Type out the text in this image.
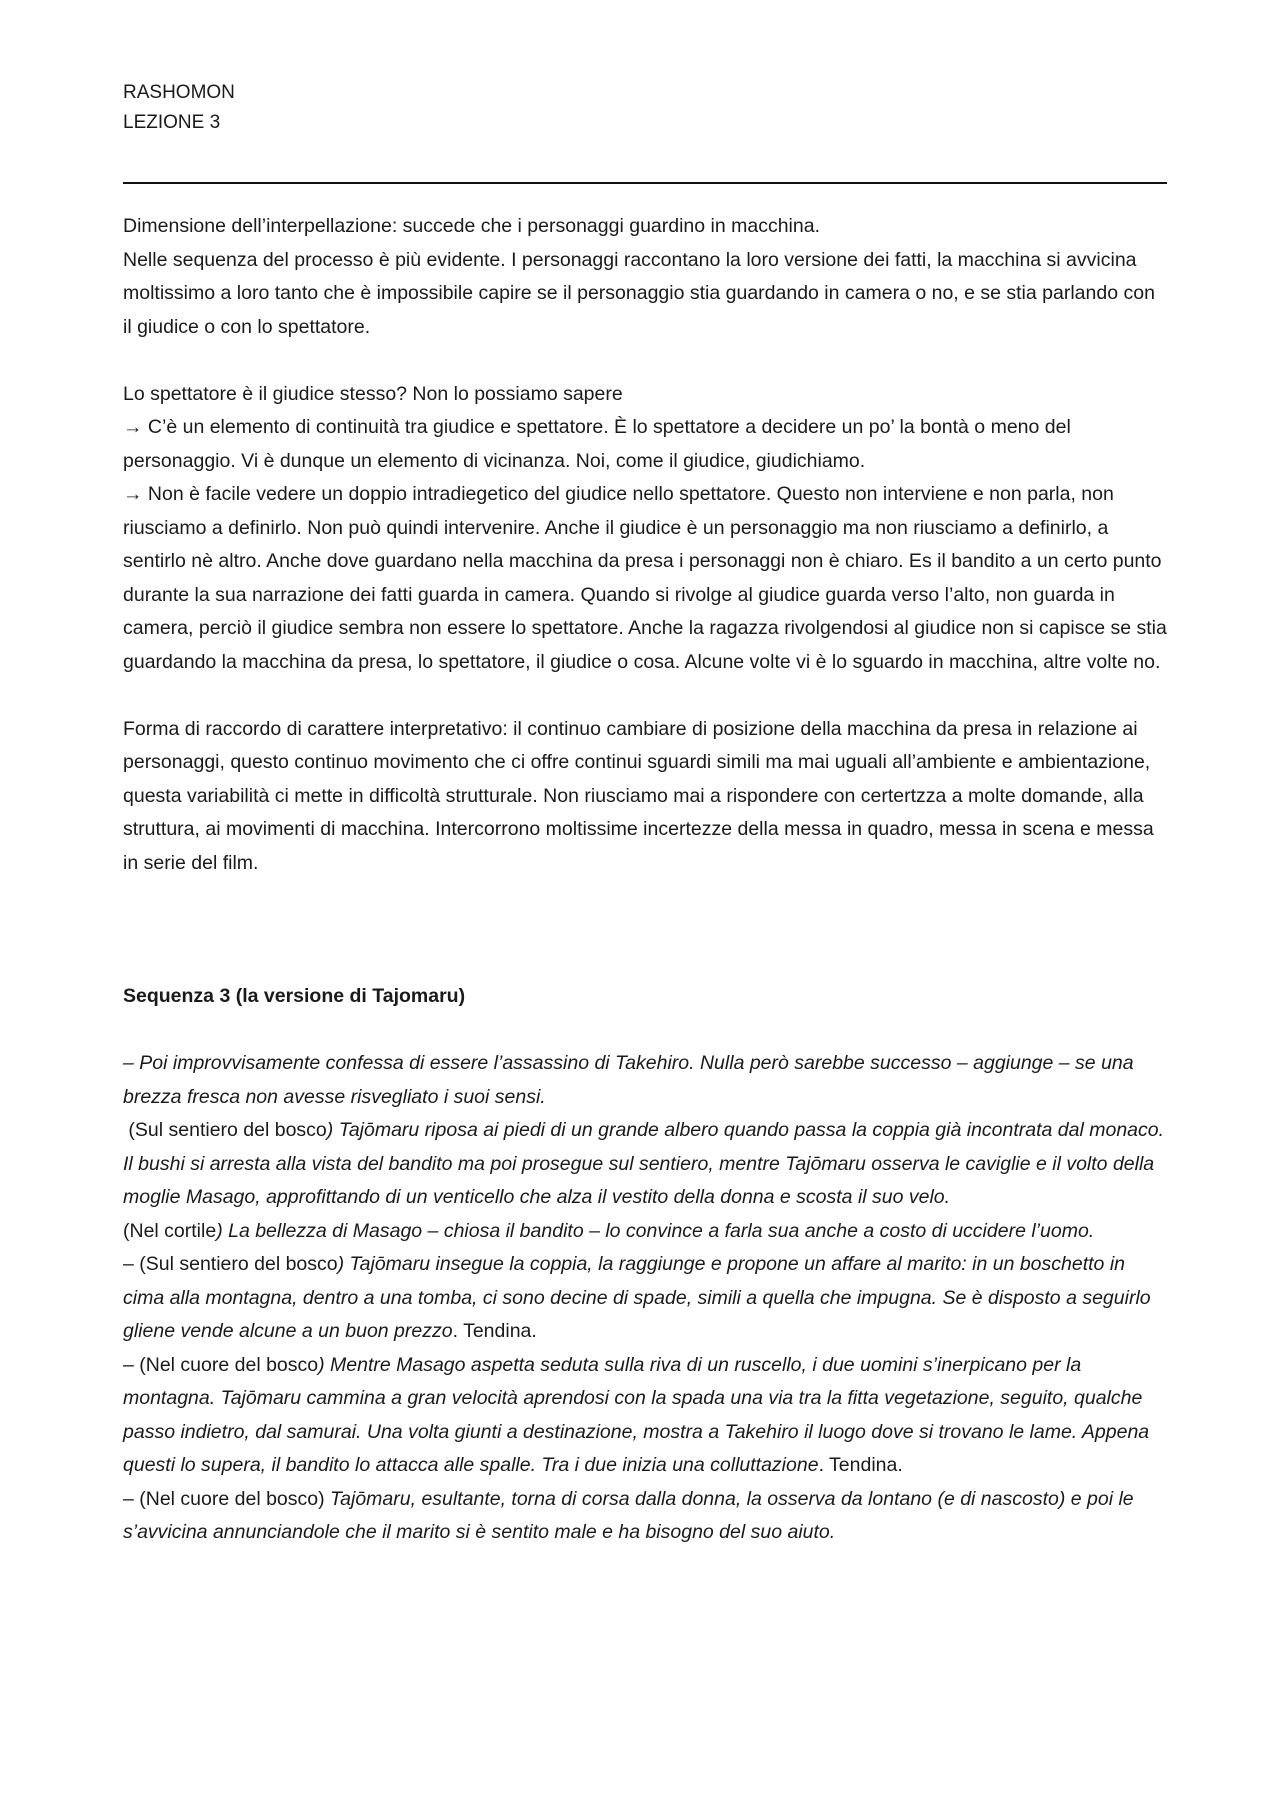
RASHOMON
LEZIONE 3

Dimensione dell’interpellazione: succede che i personaggi guardino in macchina.

Nelle sequenza del processo è più evidente. I personaggi raccontano la loro versione dei fatti, la macchina si avvicina moltissimo a loro tanto che è impossibile capire se il personaggio stia guardando in camera o no, e se stia parlando con il giudice o con lo spettatore.

Lo spettatore è il giudice stesso? Non lo possiamo sapere

→ C’è un elemento di continuità tra giudice e spettatore. È lo spettatore a decidere un po’ la bontà o meno del personaggio. Vi è dunque un elemento di vicinanza. Noi, come il giudice, giudichiamo.

→ Non è facile vedere un doppio intradiegetico del giudice nello spettatore. Questo non interviene e non parla, non riusciamo a definirlo. Non può quindi intervenire. Anche il giudice è un personaggio ma non riusciamo a definirlo, a sentirlo nè altro. Anche dove guardano nella macchina da presa i personaggi non è chiaro. Es il bandito a un certo punto durante la sua narrazione dei fatti guarda in camera. Quando si rivolge al giudice guarda verso l’alto, non guarda in camera, perciò il giudice sembra non essere lo spettatore. Anche la ragazza rivolgendosi al giudice non si capisce se stia guardando la macchina da presa, lo spettatore, il giudice o cosa. Alcune volte vi è lo sguardo in macchina, altre volte no.

Forma di raccordo di carattere interpretativo: il continuo cambiare di posizione della macchina da presa in relazione ai personaggi, questo continuo movimento che ci offre continui sguardi simili ma mai uguali all’ambiente e ambientazione, questa variabilità ci mette in difficoltà strutturale. Non riusciamo mai a rispondere con certertzza a molte domande, alla struttura, ai movimenti di macchina. Intercorrono moltissime incertezze della messa in quadro, messa in scena e messa in serie del film.

Sequenza 3 (la versione di Tajomaru)

– Poi improvvisamente confessa di essere l’assassino di Takehiro. Nulla però sarebbe successo – aggiunge – se una brezza fresca non avesse risvegliato i suoi sensi.

(Sul sentiero del bosco) Tajōmaru riposa ai piedi di un grande albero quando passa la coppia già incontrata dal monaco. Il bushi si arresta alla vista del bandito ma poi prosegue sul sentiero, mentre Tajōmaru osserva le caviglie e il volto della moglie Masago, approfittando di un venticello che alza il vestito della donna e scosta il suo velo.

(Nel cortile) La bellezza di Masago – chiosa il bandito – lo convince a farla sua anche a costo di uccidere l’uomo.

– (Sul sentiero del bosco) Tajōmaru insegue la coppia, la raggiunge e propone un affare al marito: in un boschetto in cima alla montagna, dentro a una tomba, ci sono decine di spade, simili a quella che impugna. Se è disposto a seguirlo gliene vende alcune a un buon prezzo. Tendina.

– (Nel cuore del bosco) Mentre Masago aspetta seduta sulla riva di un ruscello, i due uomini s’inerpicano per la montagna. Tajōmaru cammina a gran velocità aprendosi con la spada una via tra la fitta vegetazione, seguito, qualche passo indietro, dal samurai. Una volta giunti a destinazione, mostra a Takehiro il luogo dove si trovano le lame. Appena questi lo supera, il bandito lo attacca alle spalle. Tra i due inizia una colluttazione. Tendina.

– (Nel cuore del bosco) Tajōmaru, esultante, torna di corsa dalla donna, la osserva da lontano (e di nascosto) e poi le s’avvicina annunciandole che il marito si è sentito male e ha bisogno del suo aiuto.
